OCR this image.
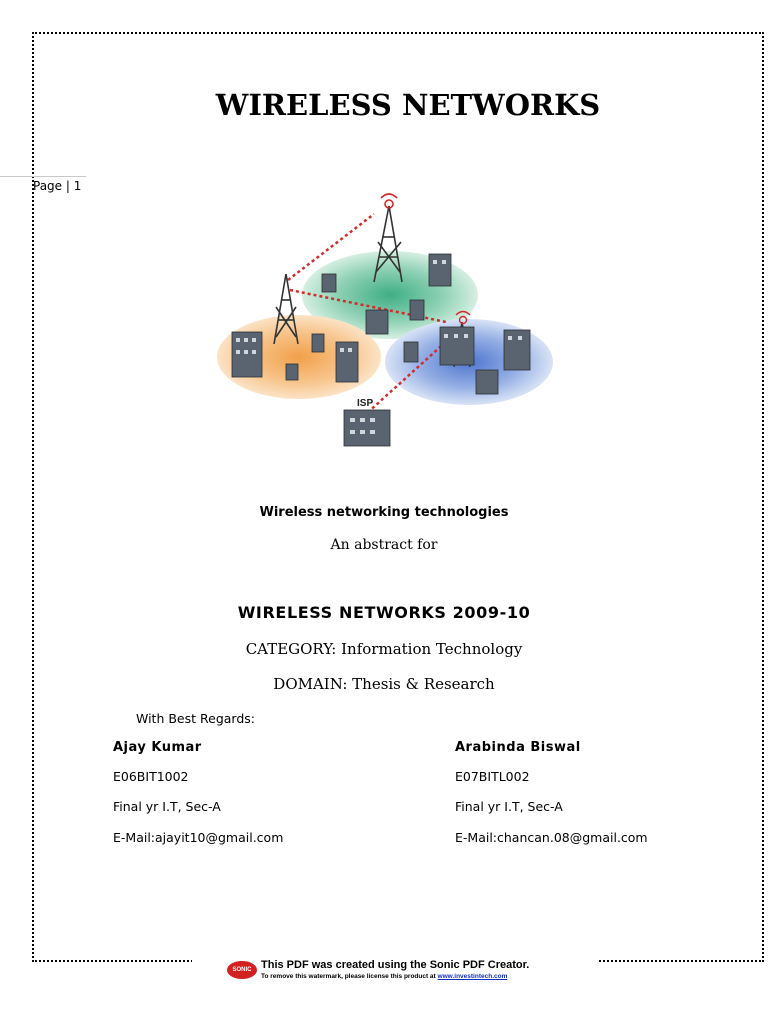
Page | 1
WIRELESS NETWORKS
ISP
Wireless networking technologies
An abstract for
WIRELESS NETWORKS 2009-10
CATEGORY: Information Technology
DOMAIN: Thesis & Research
With Best Regards:
Ajay Kumar
E06BIT1002
Final yr I.T, Sec-A
E-Mail:ajayit10@gmail.com
Arabinda Biswal
E07BITL002
Final yr I.T, Sec-A
E-Mail:chancan.08@gmail.com
SONIC PDF
This PDF was created using the Sonic PDF Creator.
To remove this watermark, please license this product at www.investintech.com
